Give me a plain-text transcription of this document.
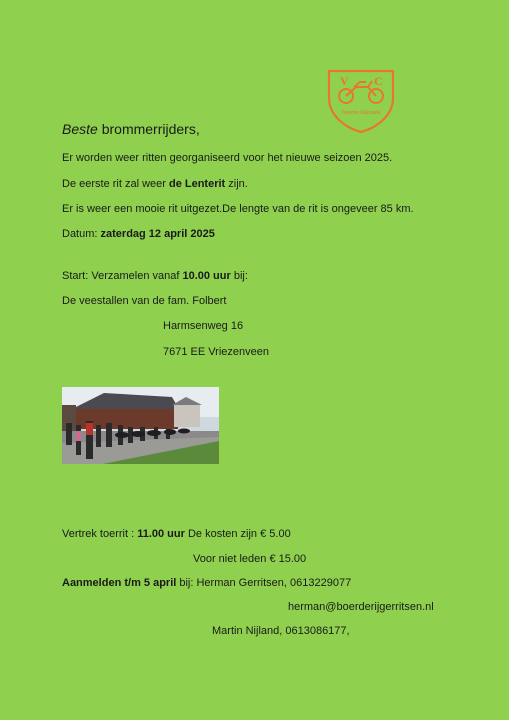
V C
Twente Klassiek
Beste brommerrijders,
Er worden weer ritten georganiseerd voor het nieuwe seizoen 2025.
De eerste rit zal weer de Lenterit zijn.
Er is weer een mooie rit uitgezet.De lengte van de rit is ongeveer 85 km.
Datum: zaterdag 12 april 2025
Start: Verzamelen vanaf 10.00 uur bij:
De veestallen van de fam. Folbert
Harmsenweg 16
7671 EE Vriezenveen
Vertrek toerrit : 11.00 uur De kosten zijn € 5.00
Voor niet leden € 15.00
Aanmelden t/m 5 april bij: Herman Gerritsen, 0613229077
herman@boerderijgerritsen.nl
Martin Nijland, 0613086177,
